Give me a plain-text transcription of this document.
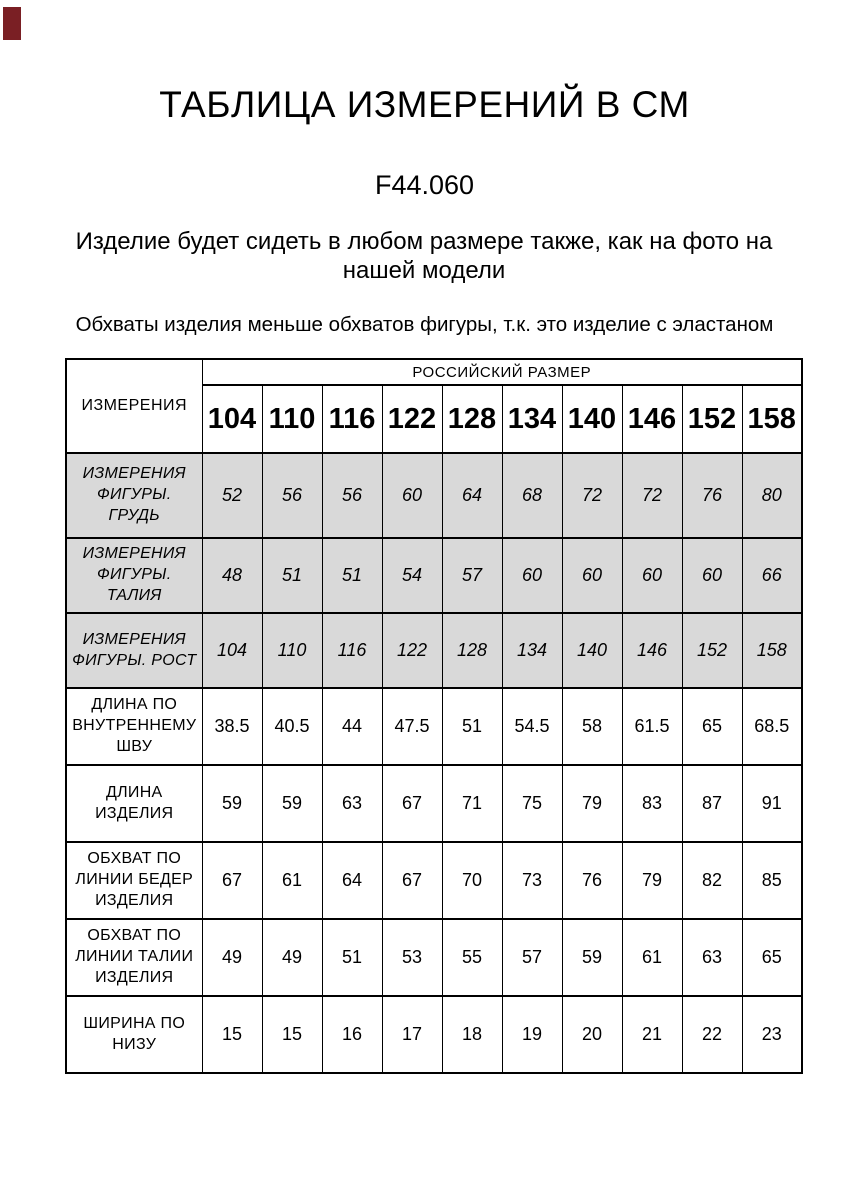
ТАБЛИЦА ИЗМЕРЕНИЙ В СМ
F44.060
Изделие будет сидеть в любом размере также, как на фото на нашей модели
Обхваты изделия меньше обхватов фигуры, т.к. это изделие с эластаном
ИЗМЕРЕНИЯ	РОССИЙСКИЙ РАЗМЕР									
	104	110	116	122	128	134	140	146	152	158
ИЗМЕРЕНИЯ ФИГУРЫ. ГРУДЬ	52	56	56	60	64	68	72	72	76	80
ИЗМЕРЕНИЯ ФИГУРЫ. ТАЛИЯ	48	51	51	54	57	60	60	60	60	66
ИЗМЕРЕНИЯ ФИГУРЫ. РОСТ	104	110	116	122	128	134	140	146	152	158
ДЛИНА ПО ВНУТРЕННЕМУ ШВУ	38.5	40.5	44	47.5	51	54.5	58	61.5	65	68.5
ДЛИНА ИЗДЕЛИЯ	59	59	63	67	71	75	79	83	87	91
ОБХВАТ ПО ЛИНИИ БЕДЕР ИЗДЕЛИЯ	67	61	64	67	70	73	76	79	82	85
ОБХВАТ ПО ЛИНИИ ТАЛИИ ИЗДЕЛИЯ	49	49	51	53	55	57	59	61	63	65
ШИРИНА ПО НИЗУ	15	15	16	17	18	19	20	21	22	23
